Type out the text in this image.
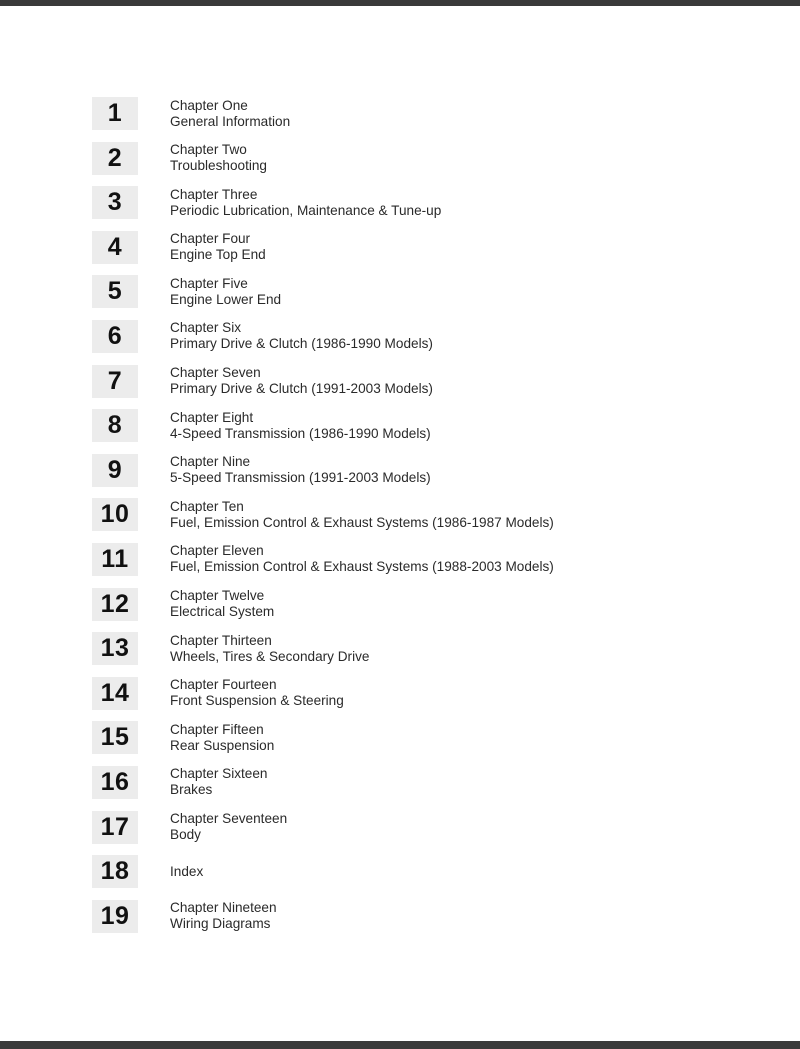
1	Chapter One
General Information
2	Chapter Two
Troubleshooting
3	Chapter Three
Periodic Lubrication, Maintenance & Tune-up
4	Chapter Four
Engine Top End
5	Chapter Five
Engine Lower End
6	Chapter Six
Primary Drive & Clutch (1986-1990 Models)
7	Chapter Seven
Primary Drive & Clutch (1991-2003 Models)
8	Chapter Eight
4-Speed Transmission (1986-1990 Models)
9	Chapter Nine
5-Speed Transmission (1991-2003 Models)
10	Chapter Ten
Fuel, Emission Control & Exhaust Systems (1986-1987 Models)
11	Chapter Eleven
Fuel, Emission Control & Exhaust Systems (1988-2003 Models)
12	Chapter Twelve
Electrical System
13	Chapter Thirteen
Wheels, Tires & Secondary Drive
14	Chapter Fourteen
Front Suspension & Steering
15	Chapter Fifteen
Rear Suspension
16	Chapter Sixteen
Brakes
17	Chapter Seventeen
Body
18	Index
19	Chapter Nineteen
Wiring Diagrams
